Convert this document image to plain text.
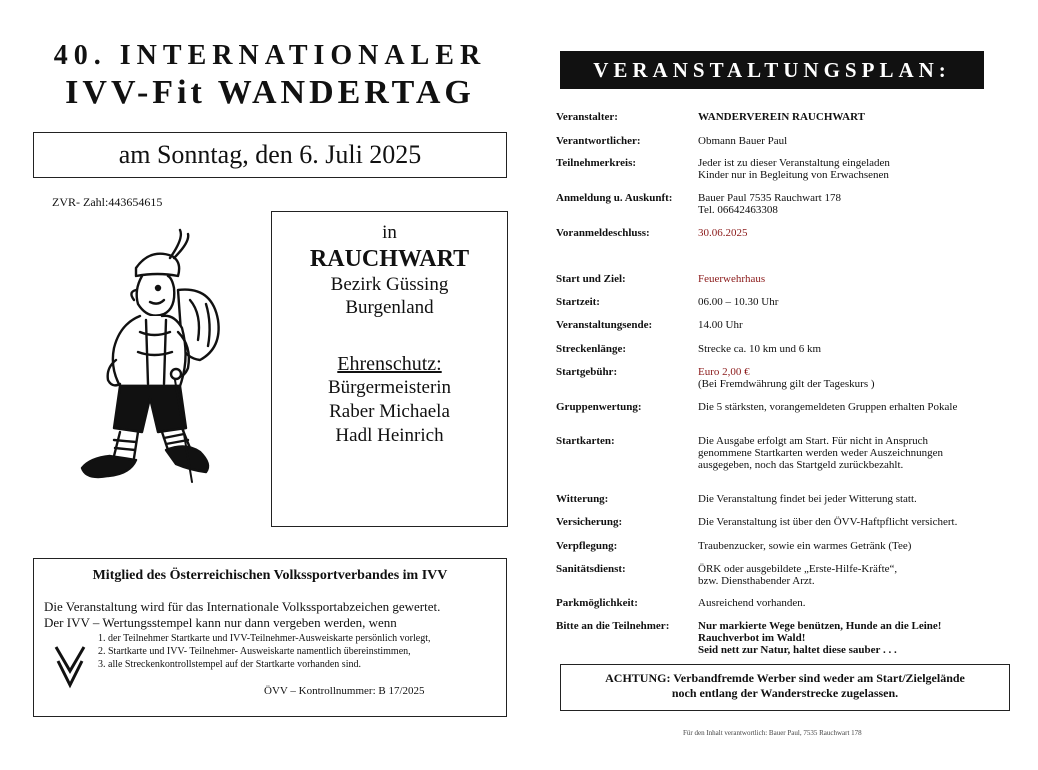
40. INTERNATIONALER
IVV-Fit WANDERTAG
am Sonntag, den 6. Juli 2025
ZVR- Zahl:443654615
in
RAUCHWART
Bezirk Güssing
Burgenland
Ehrenschutz:
Bürgermeisterin
Raber Michaela
Hadl Heinrich
Mitglied des Österreichischen Volkssportverbandes im IVV
Die Veranstaltung wird für das Internationale Volkssportabzeichen gewertet.
Der IVV – Wertungsstempel kann nur dann vergeben werden, wenn
1. der Teilnehmer Startkarte und IVV-Teilnehmer-Ausweiskarte persönlich vorlegt,
2. Startkarte und IVV- Teilnehmer- Ausweiskarte namentlich übereinstimmen,
3. alle Streckenkontrollstempel auf der Startkarte vorhanden sind.
ÖVV – Kontrollnummer: B 17/2025
VERANSTALTUNGSPLAN:
Veranstalter:	WANDERVEREIN RAUCHWART
Verantwortlicher:	Obmann Bauer Paul
Teilnehmerkreis:	Jeder ist zu dieser Veranstaltung eingeladen
Kinder nur in Begleitung von Erwachsenen
Anmeldung u. Auskunft: Bauer Paul 7535 Rauchwart 178
Tel. 06642463308
Voranmeldeschluss:	30.06.2025
Start und Ziel:	Feuerwehrhaus
Startzeit:	06.00 – 10.30 Uhr
Veranstaltungsende:	14.00 Uhr
Streckenlänge:	Strecke ca. 10 km und 6 km
Startgebühr:	Euro 2,00 €
(Bei Fremdwährung gilt der Tageskurs )
Gruppenwertung:	Die 5 stärksten, vorangemeldeten Gruppen erhalten Pokale
Startkarten:	Die Ausgabe erfolgt am Start. Für nicht in Anspruch
genommene Startkarten werden weder Auszeichnungen
ausgegeben, noch das Startgeld zurückbezahlt.
Witterung:	Die Veranstaltung findet bei jeder Witterung statt.
Versicherung:	Die Veranstaltung ist über den ÖVV-Haftpflicht versichert.
Verpflegung:	Traubenzucker, sowie ein warmes Getränk (Tee)
Sanitätsdienst:	ÖRK oder ausgebildete „Erste-Hilfe-Kräfte“,
bzw. Diensthabender Arzt.
Parkmöglichkeit:	Ausreichend vorhanden.
Bitte an die Teilnehmer:	Nur markierte Wege benützen, Hunde an die Leine!
Rauchverbot im Wald!
Seid nett zur Natur, haltet diese sauber . . .
ACHTUNG: Verbandfremde Werber sind weder am Start/Zielgelände
noch entlang der Wanderstrecke zugelassen.
Für den Inhalt verantwortlich: Bauer Paul, 7535 Rauchwart 178
